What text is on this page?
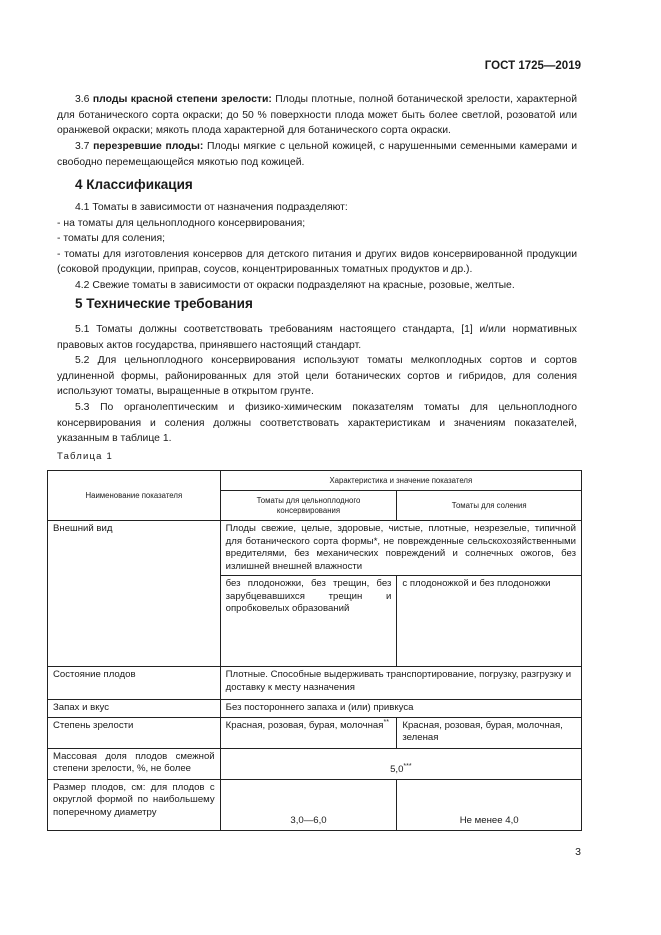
ГОСТ 1725—2019
3.6 плоды красной степени зрелости: Плоды плотные, полной ботанической зрелости, характерной для ботанического сорта окраски; до 50 % поверхности плода может быть более светлой, розоватой или оранжевой окраски; мякоть плода характерной для ботанического сорта окраски.
3.7 перезревшие плоды: Плоды мягкие с цельной кожицей, с нарушенными семенными камерами и свободно перемещающейся мякотью под кожицей.
4 Классификация
4.1 Томаты в зависимости от назначения подразделяют:
- на томаты для цельноплодного консервирования;
- томаты для соления;
- томаты для изготовления консервов для детского питания и других видов консервированной продукции (соковой продукции, приправ, соусов, концентрированных томатных продуктов и др.).
4.2 Свежие томаты в зависимости от окраски подразделяют на красные, розовые, желтые.
5 Технические требования
5.1 Томаты должны соответствовать требованиям настоящего стандарта, [1] и/или нормативных правовых актов государства, принявшего настоящий стандарт.
5.2 Для цельноплодного консервирования используют томаты мелкоплодных сортов и сортов удлиненной формы, районированных для этой цели ботанических сортов и гибридов, для соления используют томаты, выращенные в открытом грунте.
5.3 По органолептическим и физико-химическим показателям томаты для цельноплодного консервирования и соления должны соответствовать характеристикам и значениям показателей, указанным в таблице 1.
Таблица 1
Наименование показателя	Характеристика и значение показателя	
	Томаты для цельноплодного консервирования	Томаты для соления
Внешний вид	Плоды свежие, целые, здоровые, чистые, плотные, незрезелые, типичной для ботанического сорта формы*, не поврежденные сельскохозяйственными вредителями, без механических повреждений и солнечных ожогов, без излишней внешней влажности	
	без плодоножки, без трещин, без зарубцевавшихся трещин и опробковелых образований	с плодоножкой и без плодоножки
Состояние плодов	Плотные. Способные выдерживать транспортирование, погрузку, разгрузку и доставку к месту назначения	
Запах и вкус	Без постороннего запаха и (или) привкуса	
Степень зрелости	Красная, розовая, бурая, молочная**	Красная, розовая, бурая, молочная, зеленая
Массовая доля плодов смежной степени зрелости, %, не более	5,0***
Размер плодов, см: для плодов с округлой формой по наибольшему поперечному диаметру	3,0—6,0	Не менее 4,0
3
